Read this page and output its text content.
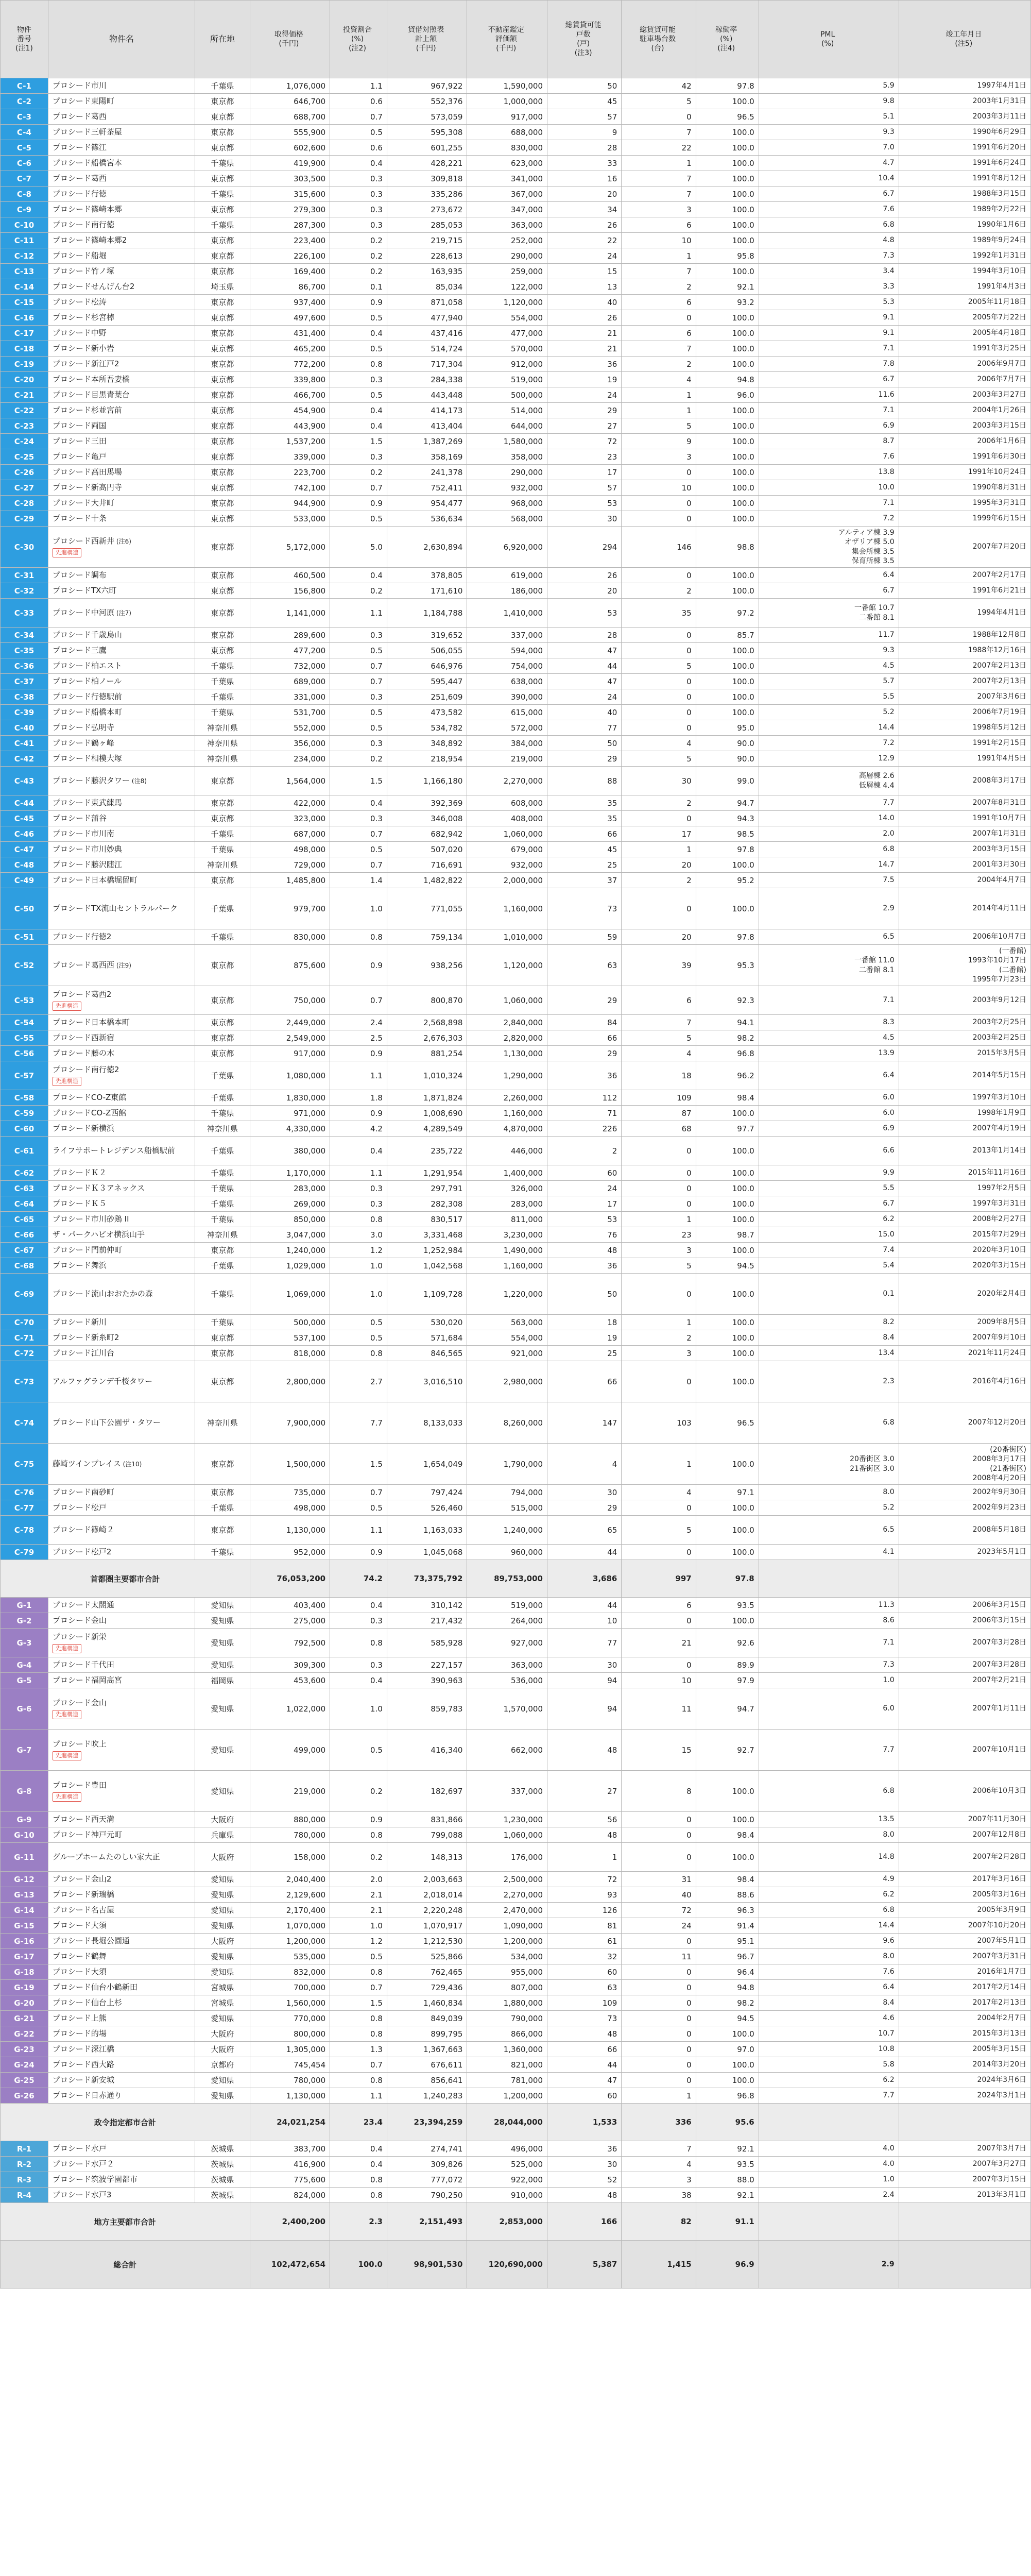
物件
番号
(注1)	物件名	所在地	取得価格
(千円)	投資割合
(%)
(注2)	貸借対照表
計上額
(千円)	不動産鑑定
評価額
(千円)	総賃貸可能
戸数
(戸)
(注3)	総賃貸可能
駐車場台数
(台)	稼働率
(%)
(注4)	PML
(%)	竣工年月日
(注5)
C-1	プロシード市川	千葉県	1,076,000	1.1	967,922	1,590,000	50	42	97.8	5.9	1997年4月1日
C-2	プロシード東陽町	東京都	646,700	0.6	552,376	1,000,000	45	5	100.0	9.8	2003年1月31日
C-3	プロシード葛西	東京都	688,700	0.7	573,059	917,000	57	0	96.5	5.1	2003年3月11日
C-4	プロシード三軒茶屋	東京都	555,900	0.5	595,308	688,000	9	7	100.0	9.3	1990年6月29日
C-5	プロシード篠江	東京都	602,600	0.6	601,255	830,000	28	22	100.0	7.0	1991年6月20日
C-6	プロシード船橋宮本	千葉県	419,900	0.4	428,221	623,000	33	1	100.0	4.7	1991年6月24日
C-7	プロシード葛西	東京都	303,500	0.3	309,818	341,000	16	7	100.0	10.4	1991年8月12日
C-8	プロシード行徳	千葉県	315,600	0.3	335,286	367,000	20	7	100.0	6.7	1988年3月15日
C-9	プロシード篠崎本郷	東京都	279,300	0.3	273,672	347,000	34	3	100.0	7.6	1989年2月22日
C-10	プロシード南行徳	千葉県	287,300	0.3	285,053	363,000	26	6	100.0	6.8	1990年1月6日
C-11	プロシード篠崎本郷2	東京都	223,400	0.2	219,715	252,000	22	10	100.0	4.8	1989年9月24日
C-12	プロシード船堀	東京都	226,100	0.2	228,613	290,000	24	1	95.8	7.3	1992年1月31日
C-13	プロシード竹ノ塚	東京都	169,400	0.2	163,935	259,000	15	7	100.0	3.4	1994年3月10日
C-14	プロシードせんげん台2	埼玉県	86,700	0.1	85,034	122,000	13	2	92.1	3.3	1991年4月3日
C-15	プロシード松涛	東京都	937,400	0.9	871,058	1,120,000	40	6	93.2	5.3	2005年11月18日
C-16	プロシード杉宮棹	東京都	497,600	0.5	477,940	554,000	26	0	100.0	9.1	2005年7月22日
C-17	プロシード中野	東京都	431,400	0.4	437,416	477,000	21	6	100.0	9.1	2005年4月18日
C-18	プロシード新小岩	東京都	465,200	0.5	514,724	570,000	21	7	100.0	7.1	1991年3月25日
C-19	プロシード新江戸2	東京都	772,200	0.8	717,304	912,000	36	2	100.0	7.8	2006年9月7日
C-20	プロシード本所吾妻橋	東京都	339,800	0.3	284,338	519,000	19	4	94.8	6.7	2006年7月7日
C-21	プロシード目黒青葉台	東京都	466,700	0.5	443,448	500,000	24	1	96.0	11.6	2003年3月27日
C-22	プロシード杉並宮前	東京都	454,900	0.4	414,173	514,000	29	1	100.0	7.1	2004年1月26日
C-23	プロシード両国	東京都	443,900	0.4	413,404	644,000	27	5	100.0	6.9	2003年3月15日
C-24	プロシード三田	東京都	1,537,200	1.5	1,387,269	1,580,000	72	9	100.0	8.7	2006年1月6日
C-25	プロシード亀戸	東京都	339,000	0.3	358,169	358,000	23	3	100.0	7.6	1991年6月30日
C-26	プロシード高田馬場	東京都	223,700	0.2	241,378	290,000	17	0	100.0	13.8	1991年10月24日
C-27	プロシード新高円寺	東京都	742,100	0.7	752,411	932,000	57	10	100.0	10.0	1990年8月31日
C-28	プロシード大井町	東京都	944,900	0.9	954,477	968,000	53	0	100.0	7.1	1995年3月31日
C-29	プロシード十条	東京都	533,000	0.5	536,634	568,000	30	0	100.0	7.2	1999年6月15日
C-30	プロシード西新井 (注6)
先進構造	東京都	5,172,000	5.0	2,630,894	6,920,000	294	146	98.8	アルティア棟 3.9
オザリア棟 5.0
集会所棟 3.5
保育所棟 3.5	2007年7月20日
C-31	プロシード調布	東京都	460,500	0.4	378,805	619,000	26	0	100.0	6.4	2007年2月17日
C-32	プロシードTX六町	東京都	156,800	0.2	171,610	186,000	20	2	100.0	6.7	1991年6月21日
C-33	プロシード中河原 (注7)	東京都	1,141,000	1.1	1,184,788	1,410,000	53	35	97.2	一番館 10.7
二番館 8.1	1994年4月1日
C-34	プロシード千歳烏山	東京都	289,600	0.3	319,652	337,000	28	0	85.7	11.7	1988年12月8日
C-35	プロシード三鷹	東京都	477,200	0.5	506,055	594,000	47	0	100.0	9.3	1988年12月16日
C-36	プロシード柏エスト	千葉県	732,000	0.7	646,976	754,000	44	5	100.0	4.5	2007年2月13日
C-37	プロシード柏ノール	千葉県	689,000	0.7	595,447	638,000	47	0	100.0	5.7	2007年2月13日
C-38	プロシード行徳駅前	千葉県	331,000	0.3	251,609	390,000	24	0	100.0	5.5	2007年3月6日
C-39	プロシード船橋本町	千葉県	531,700	0.5	473,582	615,000	40	0	100.0	5.2	2006年7月19日
C-40	プロシード弘明寺	神奈川県	552,000	0.5	534,782	572,000	77	0	95.0	14.4	1998年5月12日
C-41	プロシード鶴ヶ峰	神奈川県	356,000	0.3	348,892	384,000	50	4	90.0	7.2	1991年2月15日
C-42	プロシード相模大塚	神奈川県	234,000	0.2	218,954	219,000	29	5	90.0	12.9	1991年4月5日
C-43	プロシード藤沢タワー (注8)	東京都	1,564,000	1.5	1,166,180	2,270,000	88	30	99.0	高層棟 2.6
低層棟 4.4	2008年3月17日
C-44	プロシード東武練馬	東京都	422,000	0.4	392,369	608,000	35	2	94.7	7.7	2007年8月31日
C-45	プロシード蒲谷	東京都	323,000	0.3	346,008	408,000	35	0	94.3	14.0	1991年10月7日
C-46	プロシード市川南	千葉県	687,000	0.7	682,942	1,060,000	66	17	98.5	2.0	2007年1月31日
C-47	プロシード市川妙典	千葉県	498,000	0.5	507,020	679,000	45	1	97.8	6.8	2003年3月15日
C-48	プロシード藤沢随江	神奈川県	729,000	0.7	716,691	932,000	25	20	100.0	14.7	2001年3月30日
C-49	プロシード日本橋堀留町	東京都	1,485,800	1.4	1,482,822	2,000,000	37	2	95.2	7.5	2004年4月7日
C-50	プロシードTX流山セントラルパーク	千葉県	979,700	1.0	771,055	1,160,000	73	0	100.0	2.9	2014年4月11日
C-51	プロシード行徳2	千葉県	830,000	0.8	759,134	1,010,000	59	20	97.8	6.5	2006年10月7日
C-52	プロシード葛西西 (注9)	東京都	875,600	0.9	938,256	1,120,000	63	39	95.3	一番館 11.0
二番館 8.1	(一番館)
1993年10月17日
(二番館)
1995年7月23日
C-53	プロシード葛西2
先進構造	東京都	750,000	0.7	800,870	1,060,000	29	6	92.3	7.1	2003年9月12日
C-54	プロシード日本橋本町	東京都	2,449,000	2.4	2,568,898	2,840,000	84	7	94.1	8.3	2003年2月25日
C-55	プロシード西新宿	東京都	2,549,000	2.5	2,676,303	2,820,000	66	5	98.2	4.5	2003年2月25日
C-56	プロシード藤の木	東京都	917,000	0.9	881,254	1,130,000	29	4	96.8	13.9	2015年3月5日
C-57	プロシード南行徳2
先進構造	千葉県	1,080,000	1.1	1,010,324	1,290,000	36	18	96.2	6.4	2014年5月15日
C-58	プロシードCO-Z東館	千葉県	1,830,000	1.8	1,871,824	2,260,000	112	109	98.4	6.0	1997年3月10日
C-59	プロシードCO-Z西館	千葉県	971,000	0.9	1,008,690	1,160,000	71	87	100.0	6.0	1998年1月9日
C-60	プロシード新横浜	神奈川県	4,330,000	4.2	4,289,549	4,870,000	226	68	97.7	6.9	2007年4月19日
C-61	ライフサポートレジデンス船橋駅前	千葉県	380,000	0.4	235,722	446,000	2	0	100.0	6.6	2013年1月14日
C-62	プロシードＫ２	千葉県	1,170,000	1.1	1,291,954	1,400,000	60	0	100.0	9.9	2015年11月16日
C-63	プロシードＫ３アネックス	千葉県	283,000	0.3	297,791	326,000	24	0	100.0	5.5	1997年2月5日
C-64	プロシードＫ５	千葉県	269,000	0.3	282,308	283,000	17	0	100.0	6.7	1997年3月31日
C-65	プロシード市川砂鶏 II	千葉県	850,000	0.8	830,517	811,000	53	1	100.0	6.2	2008年2月27日
C-66	ザ・パークハビオ横浜山手	神奈川県	3,047,000	3.0	3,331,468	3,230,000	76	23	98.7	15.0	2015年7月29日
C-67	プロシード門前仲町	東京都	1,240,000	1.2	1,252,984	1,490,000	48	3	100.0	7.4	2020年3月10日
C-68	プロシード舞浜	千葉県	1,029,000	1.0	1,042,568	1,160,000	36	5	94.5	5.4	2020年3月15日
C-69	プロシード流山おおたかの森	千葉県	1,069,000	1.0	1,109,728	1,220,000	50	0	100.0	0.1	2020年2月4日
C-70	プロシード新川	千葉県	500,000	0.5	530,020	563,000	18	1	100.0	8.2	2009年8月5日
C-71	プロシード新糸町2	東京都	537,100	0.5	571,684	554,000	19	2	100.0	8.4	2007年9月10日
C-72	プロシード江川台	東京都	818,000	0.8	846,565	921,000	25	3	100.0	13.4	2021年11月24日
C-73	アルファグランデ千桜タワー	東京都	2,800,000	2.7	3,016,510	2,980,000	66	0	100.0	2.3	2016年4月16日
C-74	プロシード山下公園ザ・タワー	神奈川県	7,900,000	7.7	8,133,033	8,260,000	147	103	96.5	6.8	2007年12月20日
C-75	藤崎ツインプレイス (注10)	東京都	1,500,000	1.5	1,654,049	1,790,000	4	1	100.0	20番街区 3.0
21番街区 3.0	(20番街区)
2008年3月17日
(21番街区)
2008年4月20日
C-76	プロシード南砂町	東京都	735,000	0.7	797,424	794,000	30	4	97.1	8.0	2002年9月30日
C-77	プロシード松戸	千葉県	498,000	0.5	526,460	515,000	29	0	100.0	5.2	2002年9月23日
C-78	プロシード篠崎２	東京都	1,130,000	1.1	1,163,033	1,240,000	65	5	100.0	6.5	2008年5月18日
C-79	プロシード松戸2	千葉県	952,000	0.9	1,045,068	960,000	44	0	100.0	4.1	2023年5月1日
首都圏主要都市合計			76,053,200	74.2	73,375,792	89,753,000	3,686	997	97.8		
G-1	プロシード太閤通	愛知県	403,400	0.4	310,142	519,000	44	6	93.5	11.3	2006年3月15日
G-2	プロシード金山	愛知県	275,000	0.3	217,432	264,000	10	0	100.0	8.6	2006年3月15日
G-3	プロシード新栄
先進構造	愛知県	792,500	0.8	585,928	927,000	77	21	92.6	7.1	2007年3月28日
G-4	プロシード千代田	愛知県	309,300	0.3	227,157	363,000	30	0	89.9	7.3	2007年3月28日
G-5	プロシード福岡高宮	福岡県	453,600	0.4	390,963	536,000	94	10	97.9	1.0	2007年2月21日
G-6	プロシード金山
先進構造	愛知県	1,022,000	1.0	859,783	1,570,000	94	11	94.7	6.0	2007年1月11日
G-7	プロシード吹上
先進構造	愛知県	499,000	0.5	416,340	662,000	48	15	92.7	7.7	2007年10月1日
G-8	プロシード豊田
先進構造	愛知県	219,000	0.2	182,697	337,000	27	8	100.0	6.8	2006年10月3日
G-9	プロシード西天満	大阪府	880,000	0.9	831,866	1,230,000	56	0	100.0	13.5	2007年11月30日
G-10	プロシード神戸元町	兵庫県	780,000	0.8	799,088	1,060,000	48	0	98.4	8.0	2007年12月8日
G-11	グループホームたのしい家大正	大阪府	158,000	0.2	148,313	176,000	1	0	100.0	14.8	2007年2月28日
G-12	プロシード金山2	愛知県	2,040,400	2.0	2,003,663	2,500,000	72	31	98.4	4.9	2017年3月16日
G-13	プロシード新瑞橋	愛知県	2,129,600	2.1	2,018,014	2,270,000	93	40	88.6	6.2	2005年3月16日
G-14	プロシード名古屋	愛知県	2,170,400	2.1	2,220,248	2,470,000	126	72	96.3	6.8	2005年3月9日
G-15	プロシード大須	愛知県	1,070,000	1.0	1,070,917	1,090,000	81	24	91.4	14.4	2007年10月20日
G-16	プロシード長堀公園通	大阪府	1,200,000	1.2	1,212,530	1,200,000	61	0	95.1	9.6	2007年5月1日
G-17	プロシード鶴舞	愛知県	535,000	0.5	525,866	534,000	32	11	96.7	8.0	2007年3月31日
G-18	プロシード大須	愛知県	832,000	0.8	762,465	955,000	60	0	96.4	7.6	2016年1月7日
G-19	プロシード仙台小鶴新田	宮城県	700,000	0.7	729,436	807,000	63	0	94.8	6.4	2017年2月14日
G-20	プロシード仙台上杉	宮城県	1,560,000	1.5	1,460,834	1,880,000	109	0	98.2	8.4	2017年2月13日
G-21	プロシード上熊	愛知県	770,000	0.8	849,039	790,000	73	0	94.5	4.6	2004年2月7日
G-22	プロシード的場	大阪府	800,000	0.8	899,795	866,000	48	0	100.0	10.7	2015年3月13日
G-23	プロシード深江橋	大阪府	1,305,000	1.3	1,367,663	1,360,000	66	0	97.0	10.8	2005年3月15日
G-24	プロシード西大路	京都府	745,454	0.7	676,611	821,000	44	0	100.0	5.8	2014年3月20日
G-25	プロシード新安城	愛知県	780,000	0.8	856,641	781,000	47	0	100.0	6.2	2024年3月6日
G-26	プロシード日赤通り	愛知県	1,130,000	1.1	1,240,283	1,200,000	60	1	96.8	7.7	2024年3月1日
政令指定都市合計			24,021,254	23.4	23,394,259	28,044,000	1,533	336	95.6		
R-1	プロシード水戸	茨城県	383,700	0.4	274,741	496,000	36	7	92.1	4.0	2007年3月7日
R-2	プロシード水戸２	茨城県	416,900	0.4	309,826	525,000	30	4	93.5	4.0	2007年3月27日
R-3	プロシード筑波学園都市	茨城県	775,600	0.8	777,072	922,000	52	3	88.0	1.0	2007年3月15日
R-4	プロシード水戸3	茨城県	824,000	0.8	790,250	910,000	48	38	92.1	2.4	2013年3月1日
地方主要都市合計			2,400,200	2.3	2,151,493	2,853,000	166	82	91.1		
総合計			102,472,654	100.0	98,901,530	120,690,000	5,387	1,415	96.9	2.9	
